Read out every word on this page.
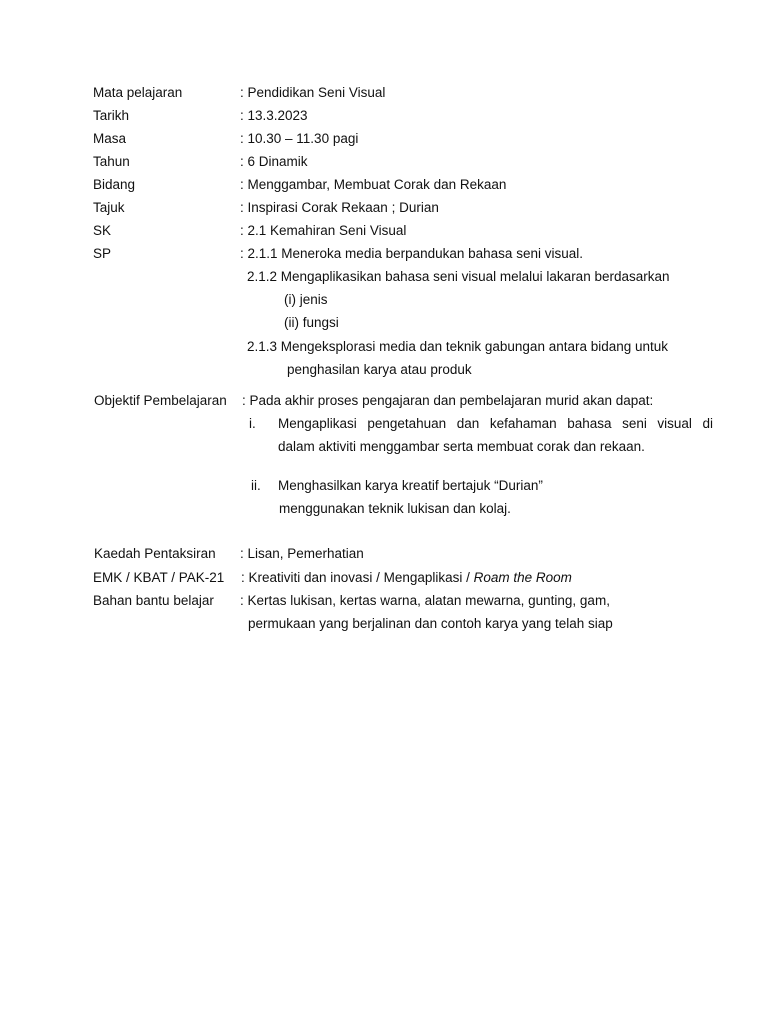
Mata pelajaran	: Pendidikan Seni Visual
Tarikh	: 13.3.2023
Masa	: 10.30 – 11.30 pagi
Tahun	: 6 Dinamik
Bidang	: Menggambar, Membuat Corak dan Rekaan
Tajuk	: Inspirasi Corak Rekaan ; Durian
SK	: 2.1 Kemahiran Seni Visual
SP	: 2.1.1 Meneroka media berpandukan bahasa seni visual.
2.1.2 Mengaplikasikan bahasa seni visual melalui lakaran berdasarkan
(i) jenis
(ii) fungsi
2.1.3 Mengeksplorasi media dan teknik gabungan antara bidang untuk
penghasilan karya atau produk
Objektif Pembelajaran : Pada akhir proses pengajaran dan pembelajaran murid akan dapat:
i. Mengaplikasi pengetahuan dan kefahaman bahasa seni visual di
dalam aktiviti menggambar serta membuat corak dan rekaan.
ii. Menghasilkan karya kreatif bertajuk “Durian”
menggunakan teknik lukisan dan kolaj.
Kaedah Pentaksiran : Lisan, Pemerhatian
EMK / KBAT / PAK-21 : Kreativiti dan inovasi / Mengaplikasi / Roam the Room
Bahan bantu belajar : Kertas lukisan, kertas warna, alatan mewarna, gunting, gam,
permukaan yang berjalinan dan contoh karya yang telah siap
